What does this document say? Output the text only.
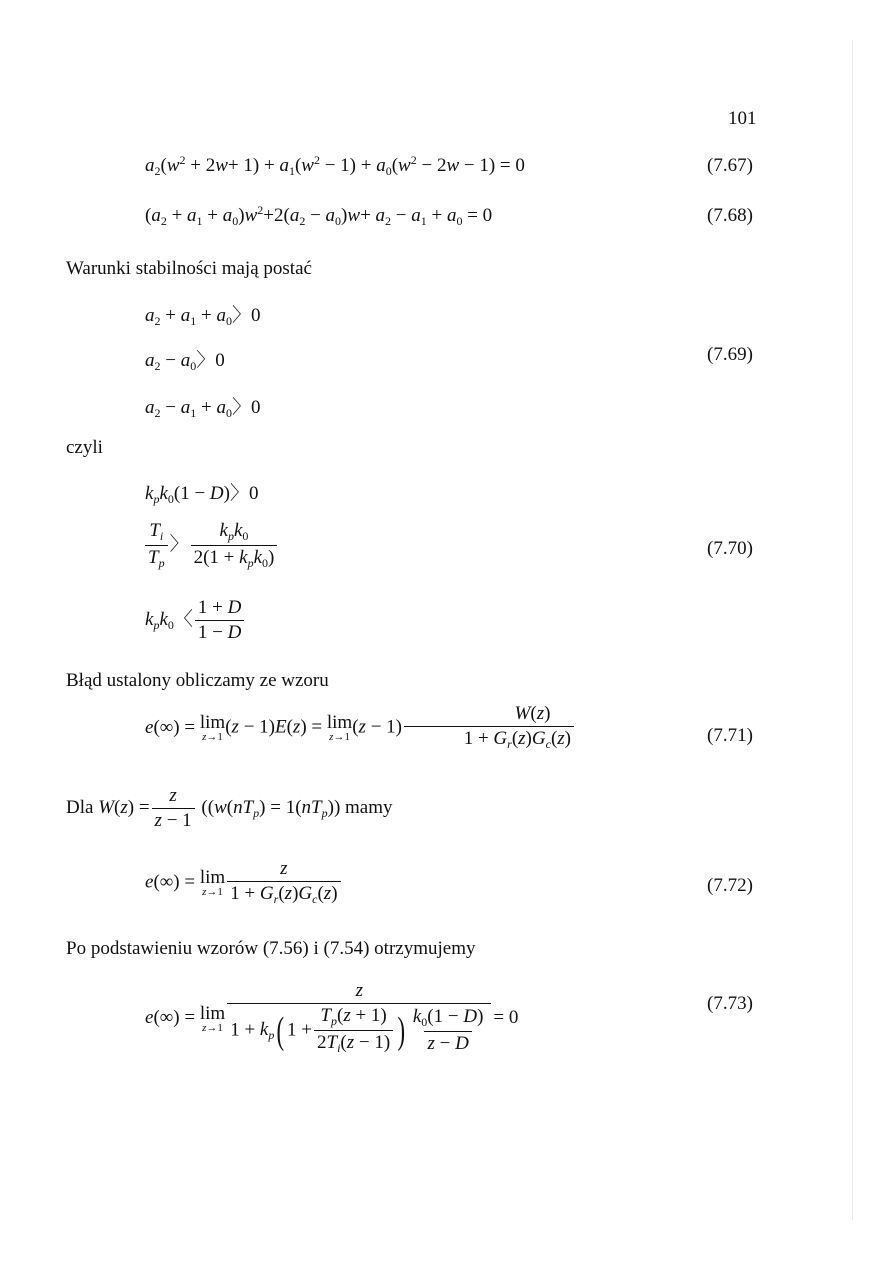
101
$a_2(w^2 + 2w+ 1) + a_1(w^2 - 1) + a_0(w^2 - 2w - 1) = 0$	(7.67)
$(a_2 + a_1 + a_0)w^2+2(a_2 - a_0)w+ a_2 - a_1 + a_0 = 0$	(7.68)
Warunki stabilności mają postać
$a_2 + a_1 + a_0$〉0
$a_2 - a_0$〉0	(7.69)
$a_2 - a_1 + a_0$〉0
czyli
$k_pk_0(1 - D)$〉0
$\frac{T_i}{T_p}$ 〉 $\frac{k_pk_0}{2(1 + k_pk_0)}$	(7.70)
$k_pk_0$〈 $\frac{1 + D}{1 - D}$
Błąd ustalony obliczamy ze wzoru
e(∞) = lim
z→1 (z − 1)E(z) = lim
z→1 $(z - 1) \frac{W(z)}{1 + G_r(z)G_c(z)}$	(7.71)
Dla $W(z) = \frac{z}{z - 1} ((w(nT_p) = 1(nT_p))$ mamy
e(∞) = lim
$z\to 1 \frac{z}{1 + G_r(z)G_c(z)}$	(7.72)
Po podstawieniu wzorów (7.56) i (7.54) otrzymujemy
e(∞) = lim
$z\to 1 \frac{z}{1 + k_p( 1 + \frac{T_p(z + 1)}{2T_i(z - 1)} ) \frac{k_0(1 - D)}{z - D}} = 0$
(7.73)
